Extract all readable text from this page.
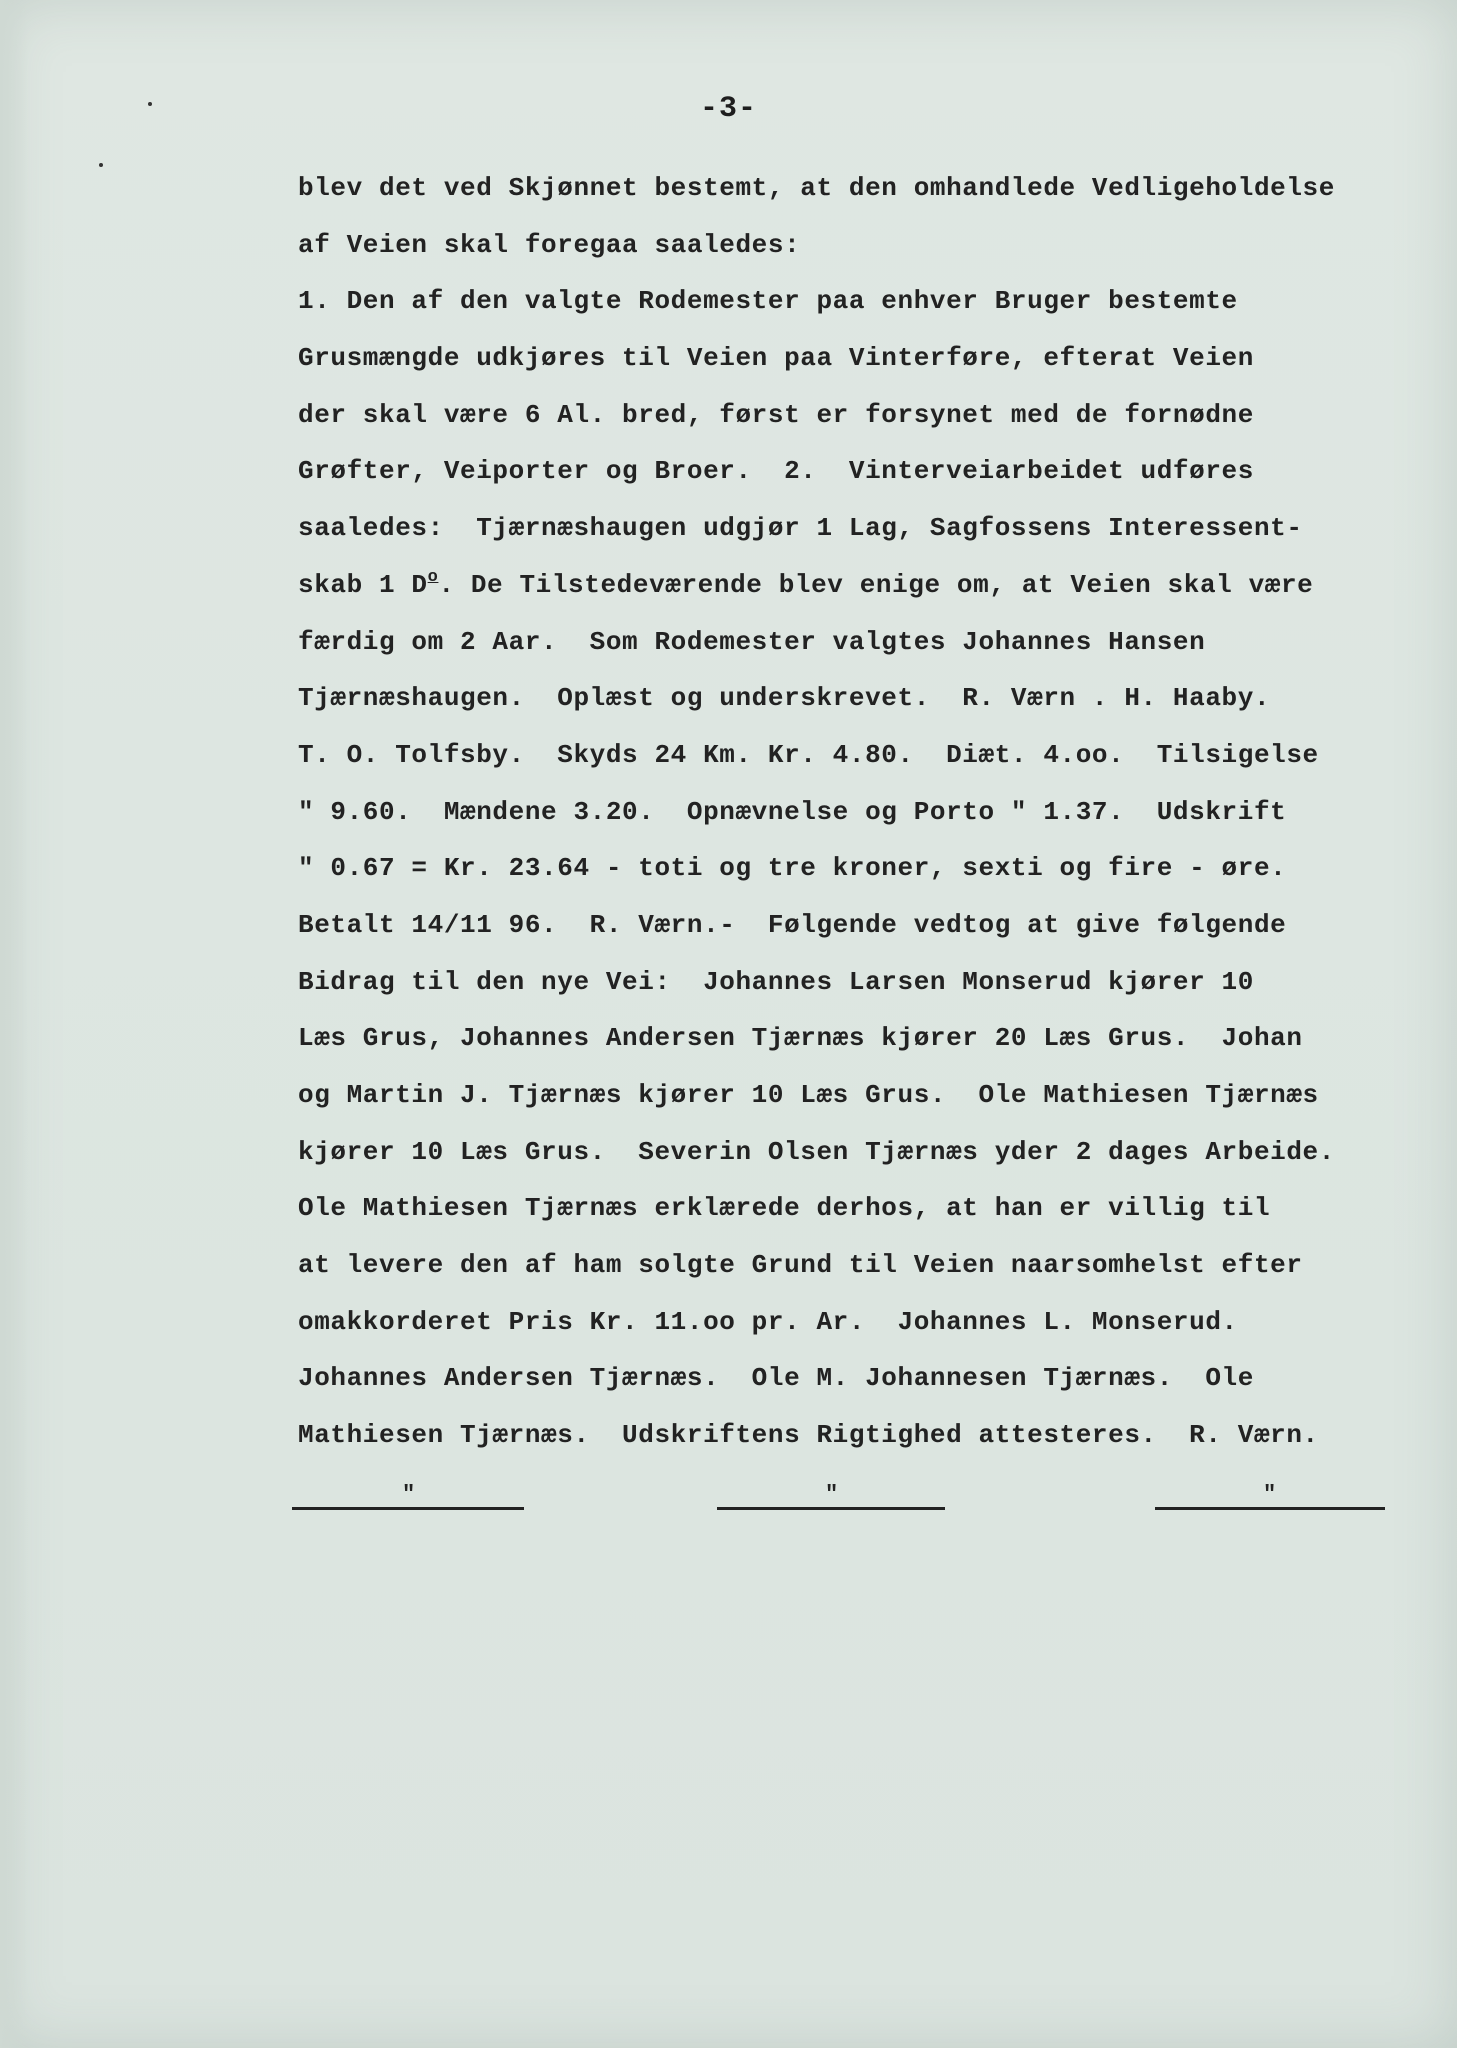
-3-
blev det ved Skjønnet bestemt, at den omhandlede Vedligeholdelse
af Veien skal foregaa saaledes:
1. Den af den valgte Rodemester paa enhver Bruger bestemte
Grusmængde udkjøres til Veien paa Vinterføre, efterat Veien
der skal være 6 Al. bred, først er forsynet med de fornødne
Grøfter, Veiporter og Broer.  2.  Vinterveiarbeidet udføres
saaledes:  Tjærnæshaugen udgjør 1 Lag, Sagfossens Interessent-
skab 1 $D^o$. De Tilstedeværende blev enige om, at Veien skal være
færdig om 2 Aar.  Som Rodemester valgtes Johannes Hansen
Tjærnæshaugen.  Oplæst og underskrevet.  R. Værn . H. Haaby.
T. O. Tolfsby.  Skyds 24 Km. Kr. 4.80.  Diæt. 4.oo.  Tilsigelse
" 9.60.  Mændene 3.20.  Opnævnelse og Porto " 1.37.  Udskrift
" 0.67 = Kr. 23.64 - toti og tre kroner, sexti og fire - øre.
Betalt 14/11 96.  R. Værn.-  Følgende vedtog at give følgende
Bidrag til den nye Vei:  Johannes Larsen Monserud kjører 10
Læs Grus, Johannes Andersen Tjærnæs kjører 20 Læs Grus.  Johan
og Martin J. Tjærnæs kjører 10 Læs Grus.  Ole Mathiesen Tjærnæs
kjører 10 Læs Grus.  Severin Olsen Tjærnæs yder 2 dages Arbeide.
Ole Mathiesen Tjærnæs erklærede derhos, at han er villig til
at levere den af ham solgte Grund til Veien naarsomhelst efter
omakkorderet Pris Kr. 11.oo pr. Ar.  Johannes L. Monserud.
Johannes Andersen Tjærnæs.  Ole M. Johannesen Tjærnæs.  Ole
Mathiesen Tjærnæs.  Udskriftens Rigtighed attesteres.  R. Værn.
"	"	"
